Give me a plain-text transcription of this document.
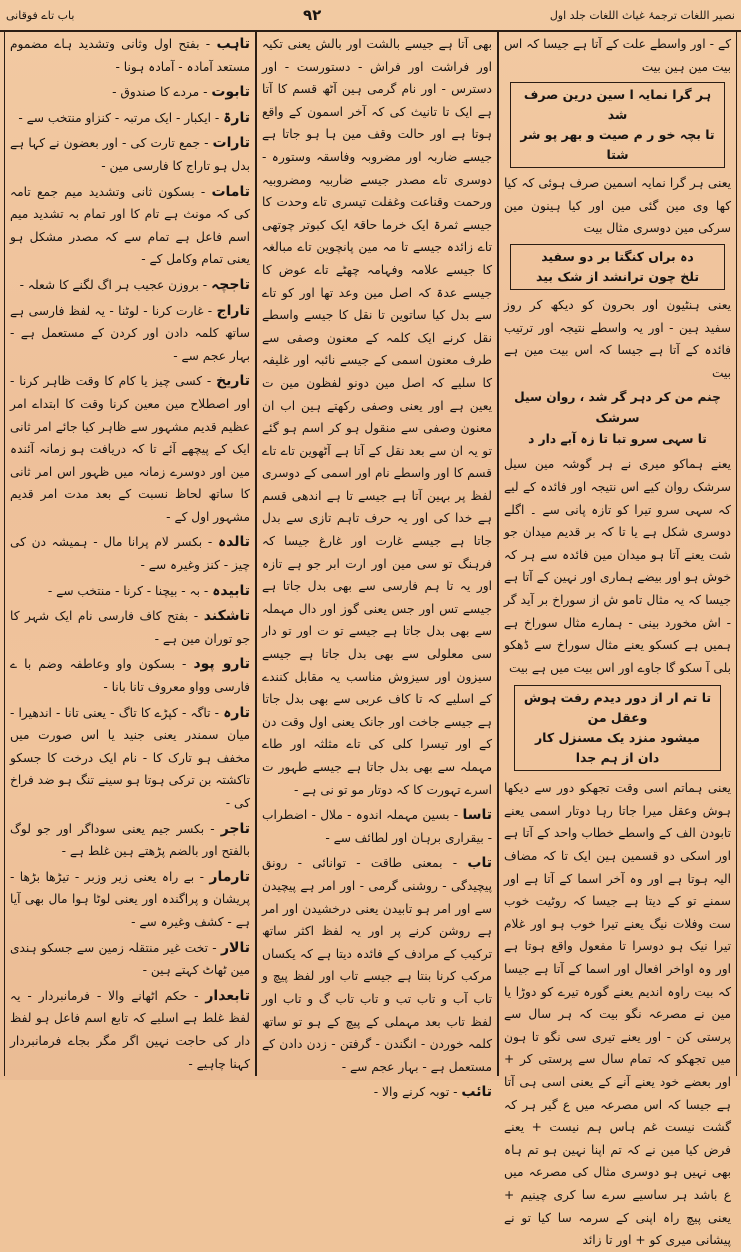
باب تاے فوقانی	۹۲	نصیر اللغات ترجمۂ غیاث اللغات جلد اول
تاہب - بفتح اول وثانی وتشدید ہاے مضموم مستعد آمادہ - آمادہ ہونا -
تابوت - مردے کا صندوق -
تارۃ - ایکبار - ایک مرتبہ - کنزاو منتخب سے -
تارات - جمع تارت کی - اور بعضون نے کہا ہے بدل ہو تاراج کا فارسی مین -
تامات - بسکون ثانی وتشدید میم جمع تامہ کی کہ مونث ہے تام کا اور تمام بہ تشدید میم اسم فاعل ہے تمام سے کہ مصدر مشکل ہو یعنی تمام وکامل کے -
تاجچہ - بروزن عجیب ہر اگ لگنے کا شعلہ -
تاراج - غارت کرنا - لوٹنا - یہ لفظ فارسی ہے ساتھ کلمہ دادن اور کردن کے مستعمل ہے - بہار عجم سے -
تاریخ - کسی چیز یا کام کا وقت ظاہر کرنا - اور اصطلاح مین معین کرنا وقت کا ابتداے امر عظیم قدیم مشہور سے ظاہر کیا جائے امر ثانی ایک کے پیچھے آئے تا کہ دریافت ہو زمانہ آئندہ مین اور دوسرے زمانہ میں ظہور اس امر ثانی کا ساتھ لحاظ نسبت کے بعد مدت امر قدیم مشہور اول کے -
تالدہ - بکسر لام پرانا مال - ہمیشہ دن کی چیز - کنز وغیرہ سے -
تابیدہ - بہ - بیچنا - کرنا - منتخب سے -
تاشکند - بفتح کاف فارسی نام ایک شہر کا جو توران مین ہے -
تارو پود - بسکون واو وعاطفہ وضم با ے فارسی وواو معروف تانا بانا -
تارہ - تاگہ - کپڑے کا تاگ - یعنی تانا - اندھیرا - میان سمندر یعنی جنید یا اس صورت میں مخفف ہو تارک کا - نام ایک درخت کا جسکو تاکشتہ بن ترکی ہوتا ہو سینے تنگ ہو ضد فراخ کی -
تاجر - بکسر جیم یعنی سوداگر اور جو لوگ بالفتح اور بالضم پڑھتے ہین غلط ہے -
تارمار - بے راہ یعنی زیر وزبر - تیڑھا بڑھا - پریشان و پراگندہ اور یعنی لوٹا ہوا مال بھی آیا ہے - کشف وغیرہ سے -
تالار - تخت غیر منتقلہ زمین سے جسکو ہندی مین ٹھاٹ کہتے ہین -
تابعدار - حکم اٹھانے والا - فرمانبردار - یہ لفظ غلط ہے اسلیے کہ تابع اسم فاعل ہو لفظ دار کی حاجت نہین اگر مگر بجاے فرمانبردار کہنا چاہیے -
بھی آتا ہے جیسے بالشت اور بالش یعنی تکیہ اور فراشت اور فراش - دستورست - اور دسترس - اور نام گرمی ہین آٹھ قسم کا آتا ہے ایک تا تانیث کی کہ آخر اسمون کے واقع ہوتا ہے اور حالت وقف مین ہا ہو جاتا ہے جیسے ضاربہ اور مضروبہ وفاسقہ وستورہ - دوسری تاے مصدر جیسے ضاربیہ ومضروبیہ ورحمت وقناعت وغفلت تیسری تاے وحدت کا جیسے ثمرۃ ایک خرما حاقۃ ایک کبوتر چوتھی تاے زائدہ جیسے تا مہ مین پانچوین تاے مبالغہ کا جیسے علامہ وفہامہ چھٹے تاے عوض کا جیسے عدۃ کہ اصل مین وعد تھا اور کو تاے سے بدل کیا ساتوین تا نقل کا جیسے واسطے نقل کرنے ایک کلمہ کے معنون وصفی سے طرف معنون اسمی کے جیسے نائبہ اور غلیفہ کا سلیے کہ اصل مین دونو لفظون مین ت یعین ہے اور یعنی وصفی رکھتے ہین اب ان معنون وصفی سے منقول ہو کر اسم ہو گئے تو یہ ان سے بعد نقل کے آتا ہے آٹھوین تاے تاے قسم کا اور واسطے نام اور اسمی کے دوسری لفظ پر بہین آتا ہے جیسے تا ہے اندھی قسم ہے خدا کی اور یہ حرف تاہم تازی سے بدل جاتا ہے جیسے غارت اور غارغ جیسا کہ فرہنگ تو سی مین اور ارت ابر جو ہے تازہ اور یہ تا ہم فارسی سے بھی بدل جاتا ہے جیسے تس اور جس یعنی گوز اور دال مہملہ سے بھی بدل جاتا ہے جیسے تو ت اور تو دار سی معلولی سے بھی بدل جاتا ہے جیسے سیزون اور سیزوش مناسب یہ مقابل کنندے کے اسلیے کہ تا کاف عربی سے بھی بدل جاتا ہے جیسے جاخت اور جانک یعنی اول وقت دن کے اور تیسرا کلی کی تاے مثلثہ اور طاے مہملہ سے بھی بدل جاتا ہے جیسے طہور ت اسرے تہورت کا کہ دوتار مو تو نی ہے -
تاسا - بسین مہملہ اندوہ - ملال - اضطراب - بیقراری برہان اور لطائف سے -
تاب - بمعنی طاقت - توانائی - رونق پیچیدگی - روشنی گرمی - اور امر ہے پیچیدن سے اور امر ہو تابیدن یعنی درخشیدن اور امر ہے روشن کرنے پر اور یہ لفظ اکثر ساتھ ترکیب کے مرادف کے فائدہ دیتا ہے کہ یکساں مرکب کرنا بنتا ہے جیسے تاب اور لفظ پیچ و تاب آب و تاب تب و تاب تاب گ و تاب اور لفظ تاب بعد مہملی کے پیچ کے ہو تو ساتھ کلمہ خوردن - انگندن - گرفتن - زدن دادن کے مستعمل ہے - بہار عجم سے -
تائب - توبہ کرنے والا -
کے - اور واسطے علت کے آتا ہے جیسا کہ اس بیت مین ہین بیت
ہر گرا نمایہ ا سین درین صرف شد
تا بچہ خو ر م صیت و بھر پو شر شتا
یعنی ہر گرا نمایہ اسمین صرف ہوئی کہ کیا کھا وی مین گئی مین اور کیا ہینون مین سرکی مین دوسری مثال بیت
دہ براں کنگتا بر دو سفید
تلخ چون ترانشد از شک بید
یعنی ہنٹیون اور بحرون کو دیکھ کر روز سفید ہین - اور یہ واسطے نتیجہ اور ترتیب فائدہ کے آتا ہے جیسا کہ اس بیت مین ہے بیت
چنم من کر دہر گر شد ، روان سیل سرشک
تا سہی سرو تبا تا زہ آبے دار د
یعنے ہماکو میری نے ہر گوشہ مین سیل سرشک روان کیے اس نتیجہ اور فائدہ کے لیے کہ سہی سرو تیرا کو تازہ پانی سے ۔ اگلے دوسری شکل ہے یا تا کہ بر قدیم میدان جو شت یعنے آتا ہو میدان مین فائدہ سے ہر کہ خوش ہو اور بیضے ہماری اور نہین کے آتا ہے جیسا کہ یہ مثال تامو ش از سوراخ بر آید گر - اش مخورد بینی - ہمارے مثال سوراخ ہے ہمیں ہے کسکو یعنے مثال سوراخ سے ڈھکو بلی آ سکو گا جاوے اور اس بیت میں ہے بیت
تا تم ار از دور دیدم رفت ہوش وعقل من
میشود منزد یک مسنزل کار دان از ہم جدا
یعنی ہماتم اسی وقت تجھکو دور سے دیکھا ہوش وعقل میرا جاتا رہا دوتار اسمی یعنے تابودن الف کے واسطے خطاب واحد کے آتا ہے اور اسکی دو قسمین ہین ایک تا کہ مضاف الیہ ہوتا ہے اور وہ آخر اسما کے آتا ہے اور سمنے تو کے دیتا ہے جیسا کہ روٹیت خوب ست وفلات نیگ یعنے تیرا خوب ہو اور غلام تیرا نیک ہو دوسرا تا مفعول واقع ہوتا ہے اور وہ اواخر افعال اور اسما کے آتا ہے جیسا کہ بیت راوہ اندیم یعنے گورہ تیرے کو دوڑا یا مین نے مصرعہ نگو بیت کہ ہر سال سے پرستی کن - اور یعنے تیری سی نگو تا ہون میں تجھکو کہ تمام سال سے پرستی کر + اور بعضے خود یعنے آنے کے یعنی اسی ہی آتا ہے جیسا کہ اس مصرعہ میں ع گیر ہر کہ گشت نیست غم ہاس ہم نیست + یعنے فرض کیا مین نے کہ تم اپنا نہین ہو تم ہاہ بھی نہیں ہو دوسری مثال کی مصرعہ میں ع باشد ہر ساسیے سرے سا کری چینیم + یعنی پیچ راہ اپنی کے سرمہ سا کیا تو نے پیشانی میری کو + اور تا زائد
